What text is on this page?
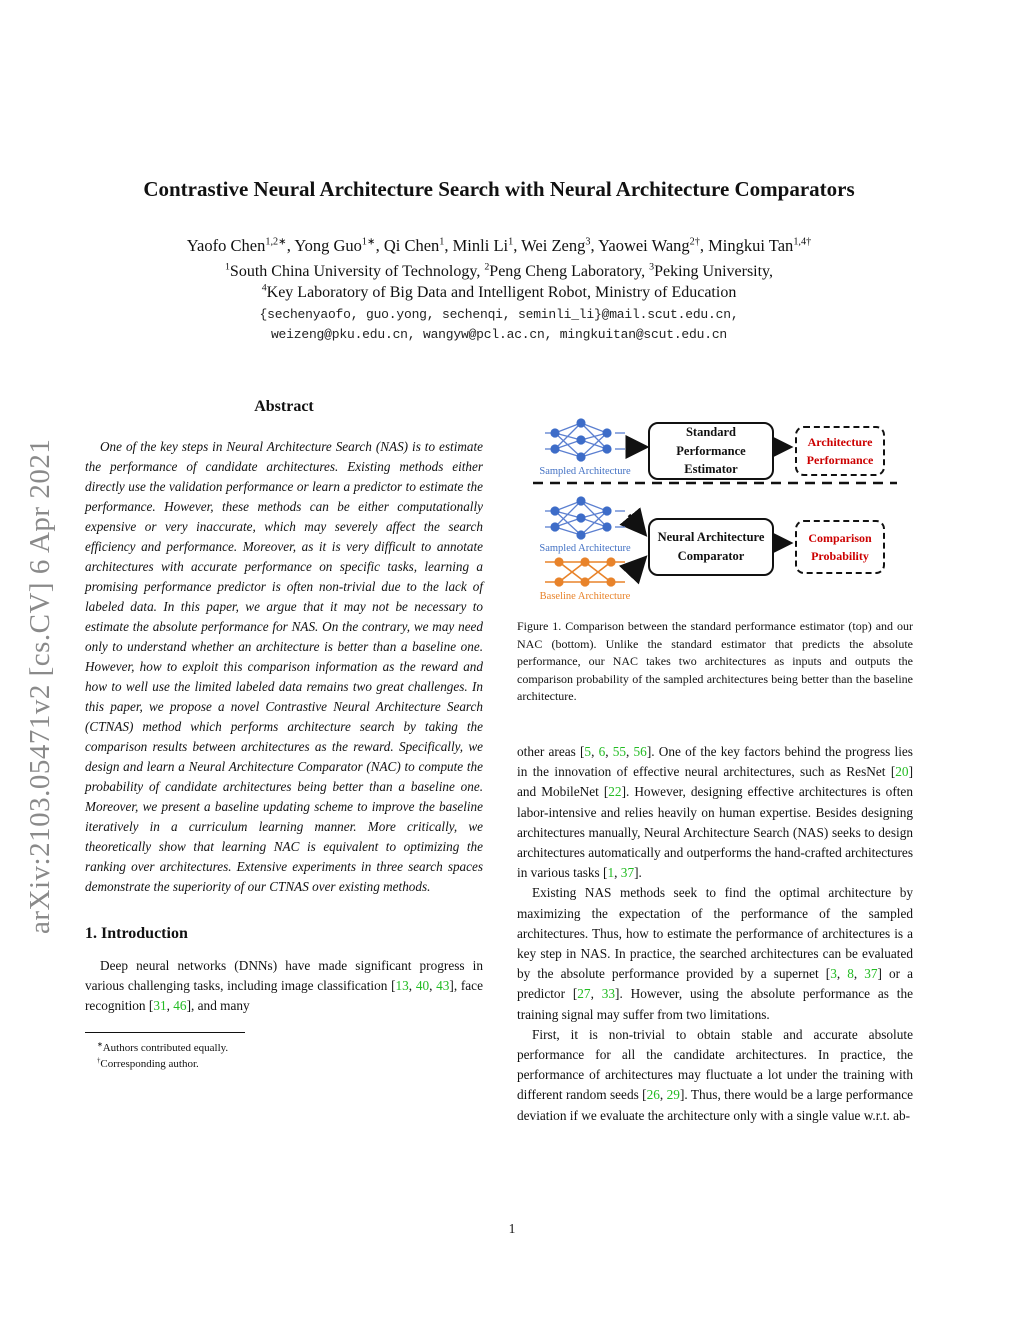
arXiv:2103.05471v2 [cs.CV] 6 Apr 2021
Contrastive Neural Architecture Search with Neural Architecture Comparators
Yaofo Chen$^{1,2∗}$, Yong Guo$^{1∗}$, Qi Chen$^1$, Minli Li$^1$, Wei Zeng$^3$, Yaowei Wang$^{2\dagger}$, Mingkui Tan$^{1,4\dagger}$
$^1$South China University of Technology, $^2$Peng Cheng Laboratory, $^3$Peking University,
$^4$Key Laboratory of Big Data and Intelligent Robot, Ministry of Education
{sechenyaofo, guo.yong, sechenqi, seminli_li}@mail.scut.edu.cn,
weizeng@pku.edu.cn, wangyw@pcl.ac.cn, mingkuitan@scut.edu.cn
Abstract

One of the key steps in Neural Architecture Search (NAS) is to estimate the performance of candidate architectures. Existing methods either directly use the validation performance or learn a predictor to estimate the performance. However, these methods can be either computationally expensive or very inaccurate, which may severely affect the search efficiency and performance. Moreover, as it is very difficult to annotate architectures with accurate performance on specific tasks, learning a promising performance predictor is often non-trivial due to the lack of labeled data. In this paper, we argue that it may not be necessary to estimate the absolute performance for NAS. On the contrary, we may need only to understand whether an architecture is better than a baseline one. However, how to exploit this comparison information as the reward and how to well use the limited labeled data remains two great challenges. In this paper, we propose a novel Contrastive Neural Architecture Search (CTNAS) method which performs architecture search by taking the comparison results between architectures as the reward. Specifically, we design and learn a Neural Architecture Comparator (NAC) to compute the probability of candidate architectures being better than a baseline one. Moreover, we present a baseline updating scheme to improve the baseline iteratively in a curriculum learning manner. More critically, we theoretically show that learning NAC is equivalent to optimizing the ranking over architectures. Extensive experiments in three search spaces demonstrate the superiority of our CTNAS over existing methods.

1. Introduction

Deep neural networks (DNNs) have made significant progress in various challenging tasks, including image classification [13, 40, 43], face recognition [31, 46], and many

∗Authors contributed equally.
†Corresponding author.
Sampled Architecture
Standard Performance Estimator
Architecture Performance
Sampled Architecture
Baseline Architecture
Neural Architecture Comparator
Comparison Probability

Figure 1. Comparison between the standard performance estimator (top) and our NAC (bottom). Unlike the standard estimator that predicts the absolute performance, our NAC takes two architectures as inputs and outputs the comparison probability of the sampled architectures being better than the baseline architecture.

other areas [5, 6, 55, 56]. One of the key factors behind the progress lies in the innovation of effective neural architectures, such as ResNet [20] and MobileNet [22]. However, designing effective architectures is often labor-intensive and relies heavily on human expertise. Besides designing architectures manually, Neural Architecture Search (NAS) seeks to design architectures automatically and outperforms the hand-crafted architectures in various tasks [1, 37].

Existing NAS methods seek to find the optimal architecture by maximizing the expectation of the performance of the sampled architectures. Thus, how to estimate the performance of architectures is a key step in NAS. In practice, the searched architectures can be evaluated by the absolute performance provided by a supernet [3, 8, 37] or a predictor [27, 33]. However, using the absolute performance as the training signal may suffer from two limitations.

First, it is non-trivial to obtain stable and accurate absolute performance for all the candidate architectures. In practice, the performance of architectures may fluctuate a lot under the training with different random seeds [26, 29]. Thus, there would be a large performance deviation if we evaluate the architecture only with a single value w.r.t. ab-

1
